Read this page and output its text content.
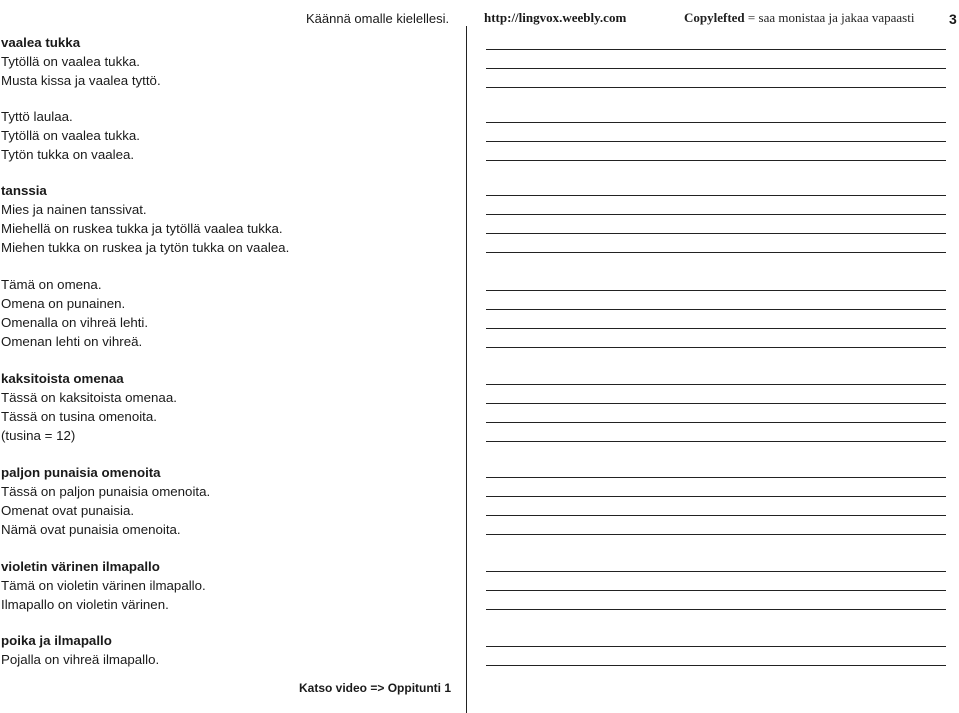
Käännä omalle kielellesi.	http://lingvox.weebly.com	Copylefted = saa monistaa ja jakaa vapaasti 3
vaalea tukka
Tytöllä on vaalea tukka.
Musta kissa ja vaalea tyttö.
Tyttö laulaa.
Tytöllä on vaalea tukka.
Tytön tukka on vaalea.
tanssia
Mies ja nainen tanssivat.
Miehellä on ruskea tukka ja tytöllä vaalea tukka.
Miehen tukka on ruskea ja tytön tukka on vaalea.
Tämä on omena.
Omena on punainen.
Omenalla on vihreä lehti.
Omenan lehti on vihreä.
kaksitoista omenaa
Tässä on kaksitoista omenaa.
Tässä on tusina omenoita.
(tusina = 12)
paljon punaisia omenoita
Tässä on paljon punaisia omenoita.
Omenat ovat punaisia.
Nämä ovat punaisia omenoita.
violetin värinen ilmapallo
Tämä on violetin värinen ilmapallo.
Ilmapallo on violetin värinen.
poika ja ilmapallo
Pojalla on vihreä ilmapallo.
Katso video => Oppitunti 1
